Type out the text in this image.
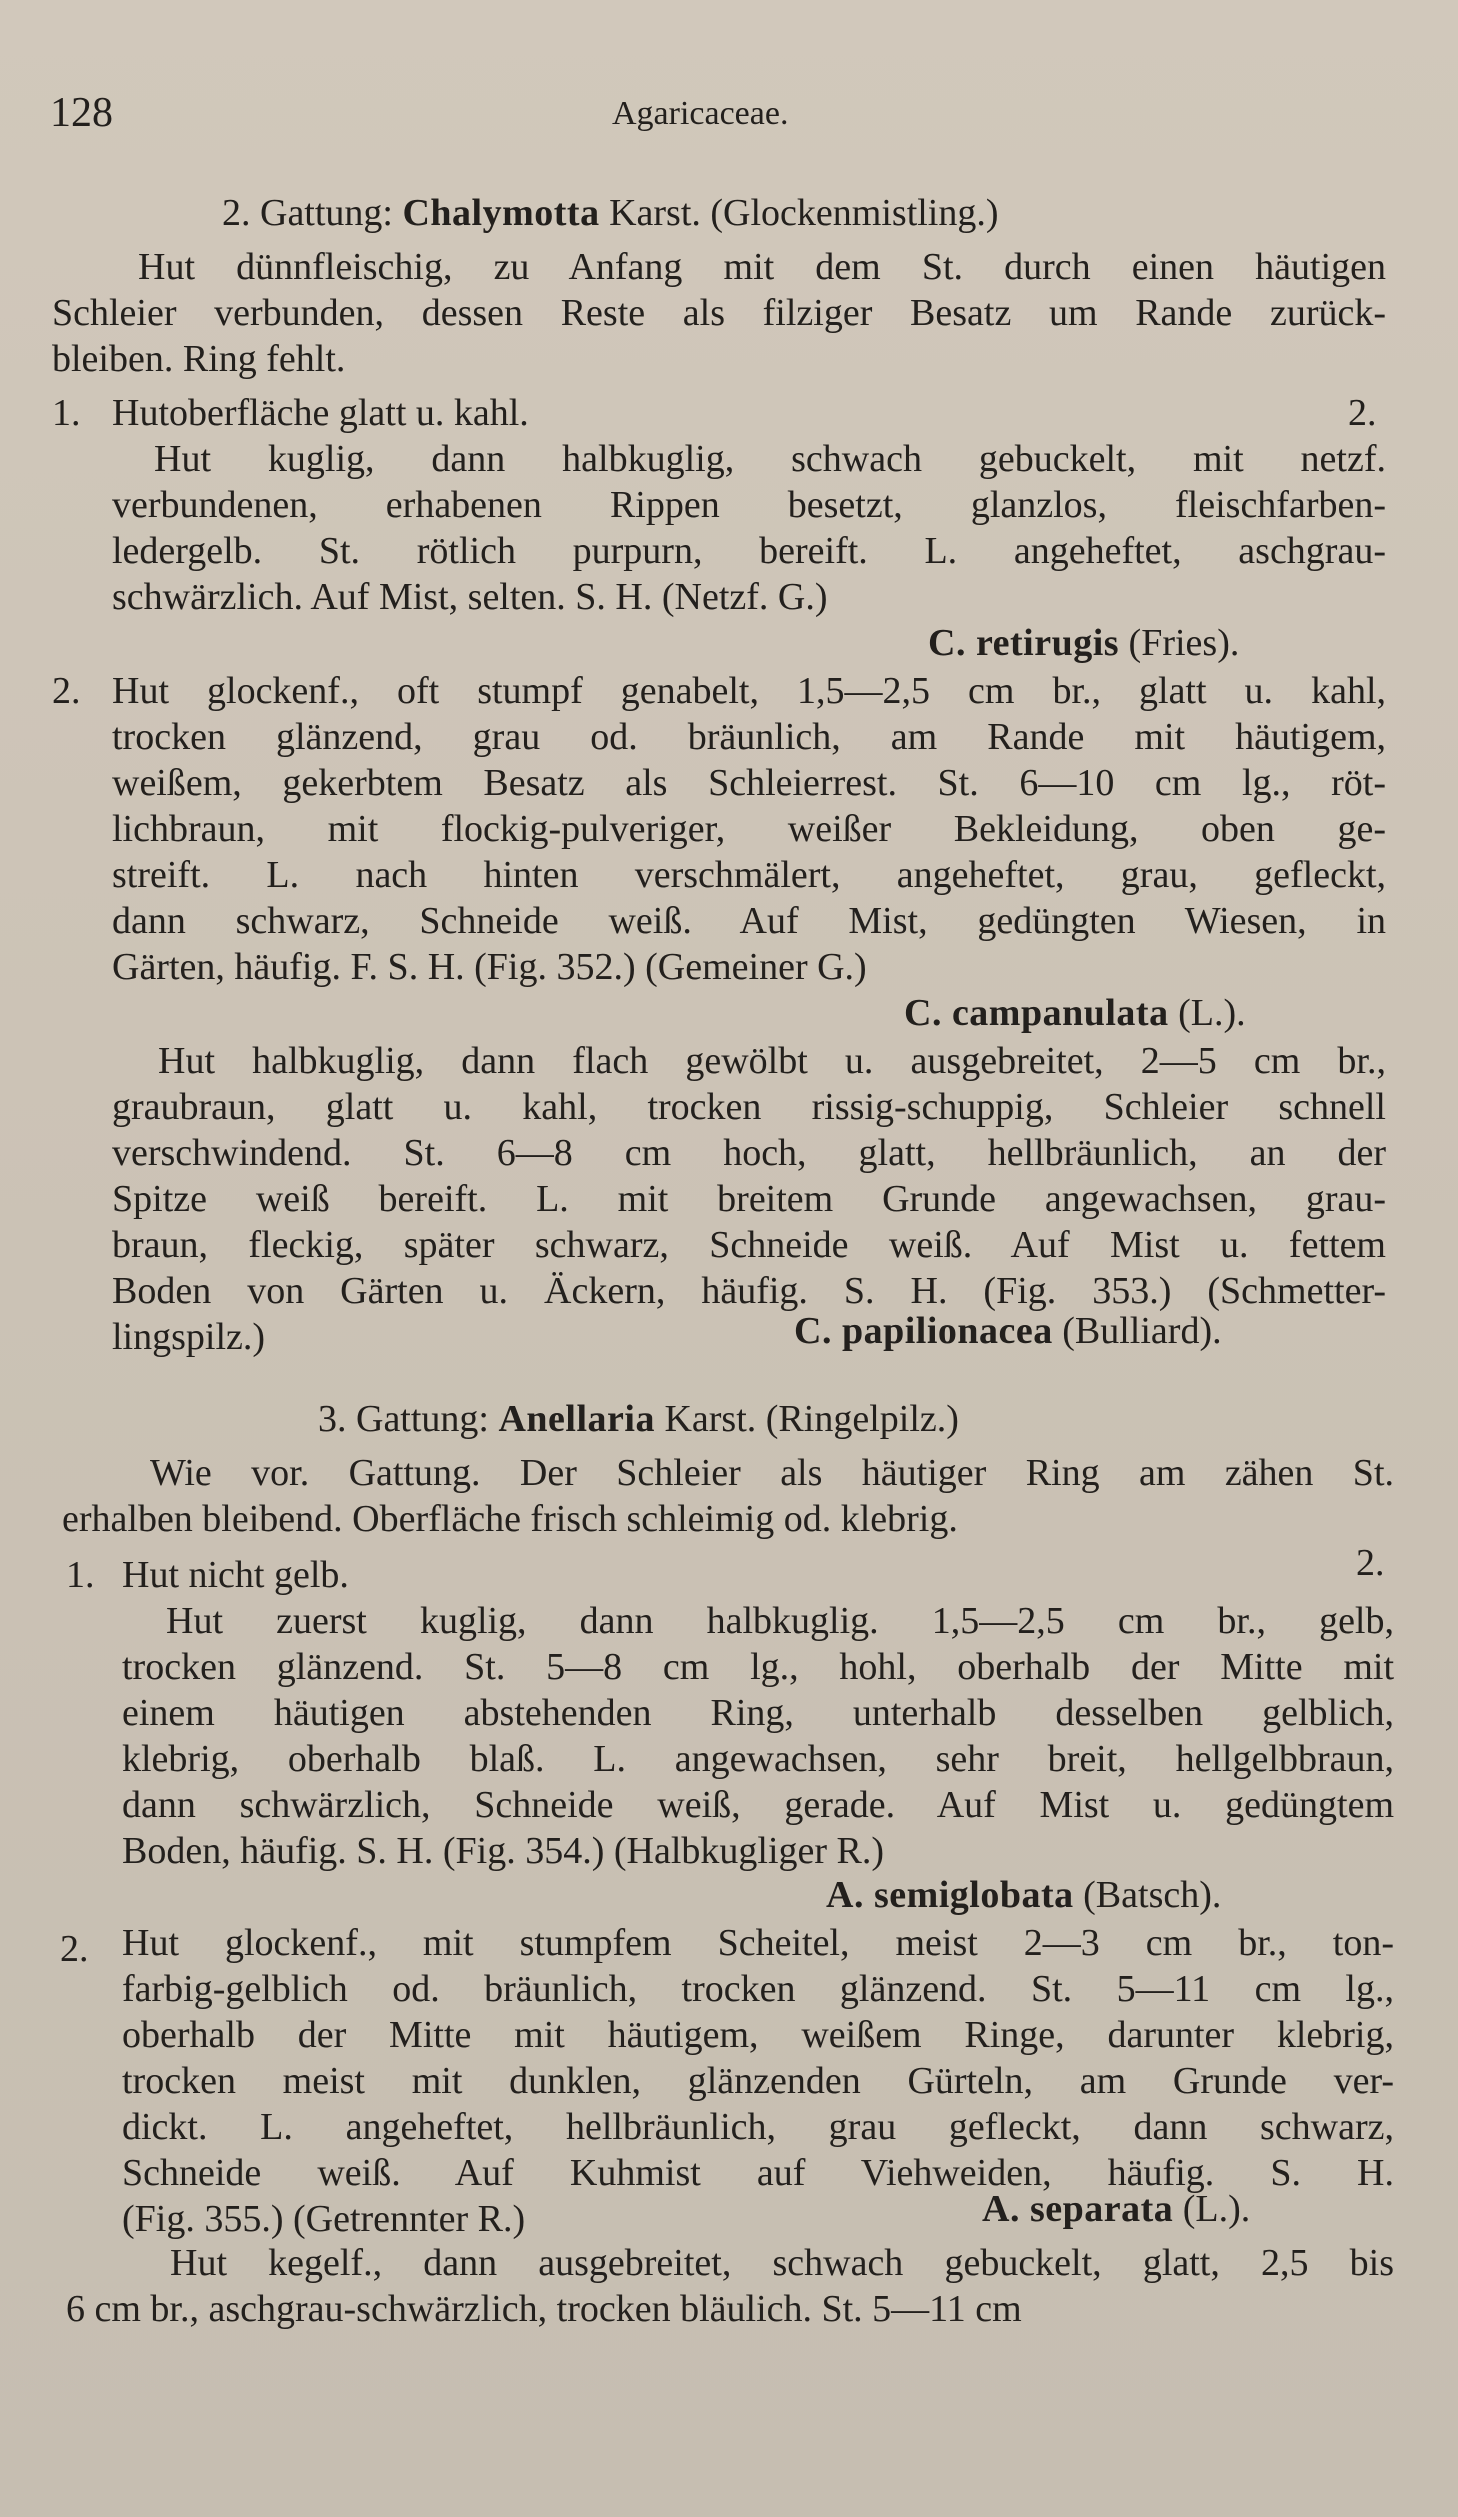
128	Agaricaceae.
2. Gattung: Chalymotta Karst. (Glockenmistling.)
Hut dünnfleischig, zu Anfang mit dem St. durch einen häutigen
Schleier verbunden, dessen Reste als filziger Besatz um Rande zurück-
bleiben. Ring fehlt.
1. Hutoberfläche glatt u. kahl.	2.
Hut kuglig, dann halbkuglig, schwach gebuckelt, mit netzf.
verbundenen, erhabenen Rippen besetzt, glanzlos, fleischfarben-
ledergelb. St. rötlich purpurn, bereift. L. angeheftet, aschgrau-
schwärzlich. Auf Mist, selten. S. H. (Netzf. G.)
C. retirugis (Fries).
2. Hut glockenf., oft stumpf genabelt, 1,5—2,5 cm br., glatt u. kahl,
trocken glänzend, grau od. bräunlich, am Rande mit häutigem,
weißem, gekerbtem Besatz als Schleierrest. St. 6—10 cm lg., röt-
lichbraun, mit flockig-pulveriger, weißer Bekleidung, oben ge-
streift. L. nach hinten verschmälert, angeheftet, grau, gefleckt,
dann schwarz, Schneide weiß. Auf Mist, gedüngten Wiesen, in
Gärten, häufig. F. S. H. (Fig. 352.) (Gemeiner G.)
C. campanulata (L.).
Hut halbkuglig, dann flach gewölbt u. ausgebreitet, 2—5 cm br.,
graubraun, glatt u. kahl, trocken rissig-schuppig, Schleier schnell
verschwindend. St. 6—8 cm hoch, glatt, hellbräunlich, an der
Spitze weiß bereift. L. mit breitem Grunde angewachsen, grau-
braun, fleckig, später schwarz, Schneide weiß. Auf Mist u. fettem
Boden von Gärten u. Äckern, häufig. S. H. (Fig. 353.) (Schmetter-
lingspilz.)	C. papilionacea (Bulliard).
3. Gattung: Anellaria Karst. (Ringelpilz.)
Wie vor. Gattung. Der Schleier als häutiger Ring am zähen St.
erhalben bleibend. Oberfläche frisch schleimig od. klebrig.
1. Hut nicht gelb.	2.
Hut zuerst kuglig, dann halbkuglig. 1,5—2,5 cm br., gelb,
trocken glänzend. St. 5—8 cm lg., hohl, oberhalb der Mitte mit
einem häutigen abstehenden Ring, unterhalb desselben gelblich,
klebrig, oberhalb blaß. L. angewachsen, sehr breit, hellgelbbraun,
dann schwärzlich, Schneide weiß, gerade. Auf Mist u. gedüngtem
Boden, häufig. S. H. (Fig. 354.) (Halbkugliger R.)
A. semiglobata (Batsch).
2. Hut glockenf., mit stumpfem Scheitel, meist 2—3 cm br., ton-
farbig-gelblich od. bräunlich, trocken glänzend. St. 5—11 cm lg.,
oberhalb der Mitte mit häutigem, weißem Ringe, darunter klebrig,
trocken meist mit dunklen, glänzenden Gürteln, am Grunde ver-
dickt. L. angeheftet, hellbräunlich, grau gefleckt, dann schwarz,
Schneide weiß. Auf Kuhmist auf Viehweiden, häufig. S. H.
(Fig. 355.) (Getrennter R.)	A. separata (L.).
Hut kegelf., dann ausgebreitet, schwach gebuckelt, glatt, 2,5 bis
6 cm br., aschgrau-schwärzlich, trocken bläulich. St. 5—11 cm
